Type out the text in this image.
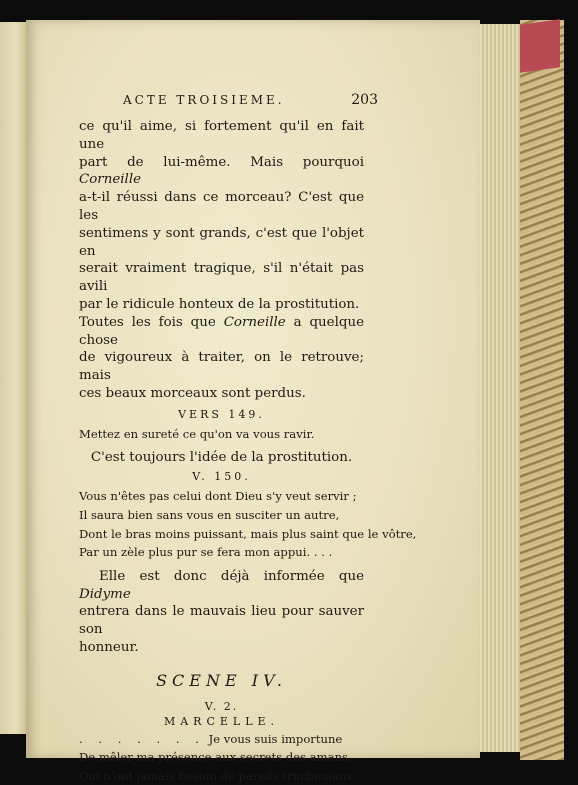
ACTE TROISIEME.	203
ce qu'il aime, si fortement qu'il en fait une
part de lui-même. Mais pourquoi Corneille
a-t-il réussi dans ce morceau? C'est que les
sentimens y sont grands, c'est que l'objet en
serait vraiment tragique, s'il n'était pas avili
par le ridicule honteux de la prostitution.
Toutes les fois que Corneille a quelque chose
de vigoureux à traiter, on le retrouve; mais
ces beaux morceaux sont perdus.
VERS 149.
Mettez en sureté ce qu'on va vous ravir.
C'est toujours l'idée de la prostitution.
V. 150.
Vous n'êtes pas celui dont Dieu s'y veut servir ;
Il saura bien sans vous en susciter un autre,
Dont le bras moins puissant, mais plus saint que le vôtre,
Par un zèle plus pur se fera mon appui. . . .
Elle est donc déjà informée que Didyme
entrera dans le mauvais lieu pour sauver son
honneur.
SCENE IV.
V. 2.
MARCELLE.
. . . . . . . Je vous suis importune
De mêler ma présence aux secrets des amans,
Qui n'ont jamais besoin de pareils truchemans.
